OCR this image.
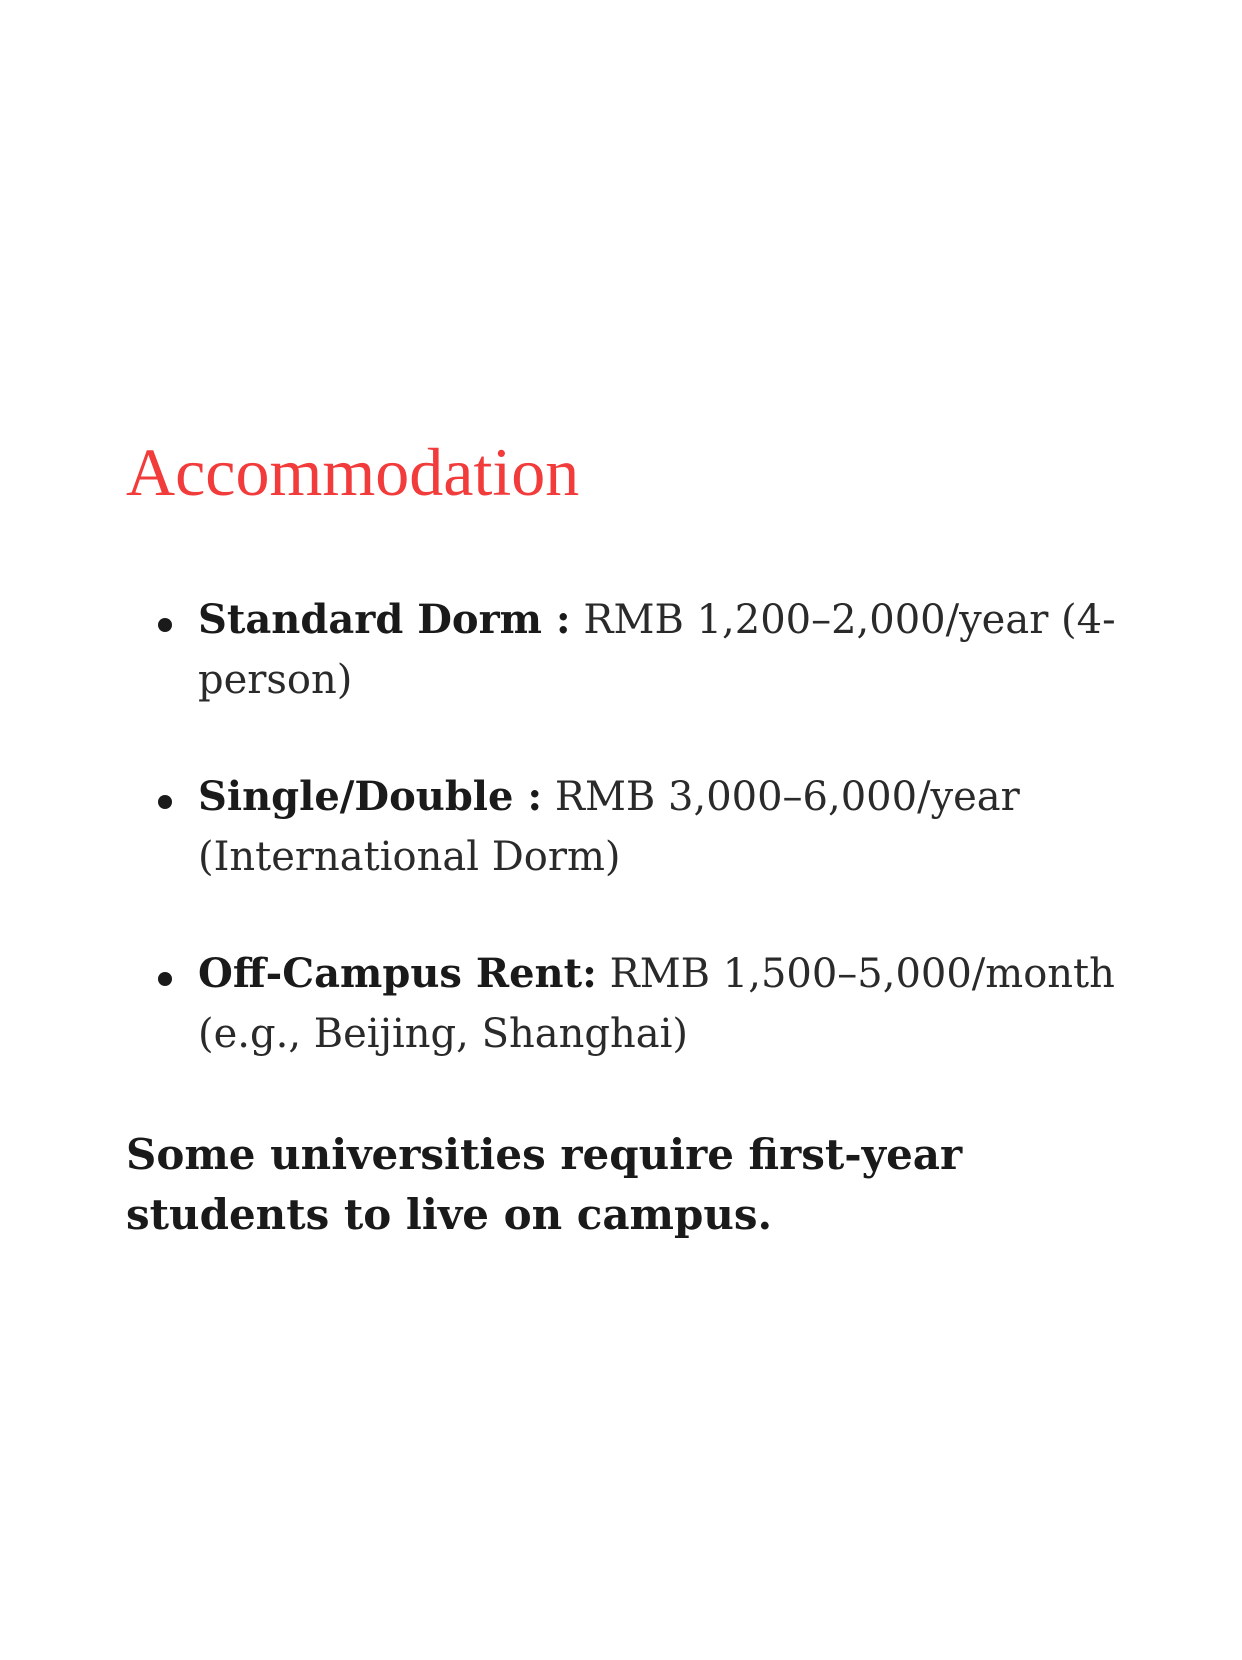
Accommodation
Standard Dorm : RMB 1,200–2,000/year (4-person)
Single/Double : RMB 3,000–6,000/year (International Dorm)
Off-Campus Rent: RMB 1,500–5,000/month (e.g., Beijing, Shanghai)

Some universities require first-year students to live on campus.
